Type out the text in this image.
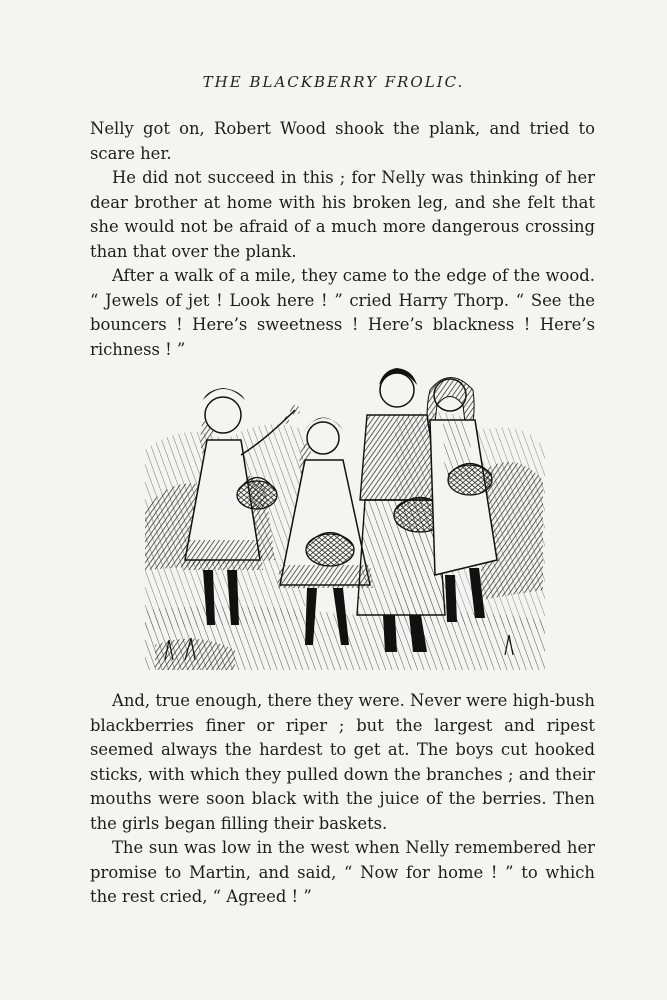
THE BLACKBERRY FROLIC.

Nelly got on, Robert Wood shook the plank, and tried to scare her.

He did not succeed in this ; for Nelly was thinking of her dear brother at home with his broken leg, and she felt that she would not be afraid of a much more dangerous crossing than that over the plank.

After a walk of a mile, they came to the edge of the wood. “ Jewels of jet ! Look here ! ” cried Harry Thorp. “ See the bouncers ! Here’s sweetness ! Here’s blackness ! Here’s richness ! ”

And, true enough, there they were. Never were high-bush blackberries finer or riper ; but the largest and ripest seemed always the hardest to get at. The boys cut hooked sticks, with which they pulled down the branches ; and their mouths were soon black with the juice of the berries. Then the girls began filling their baskets.

The sun was low in the west when Nelly remembered her promise to Martin, and said, “ Now for home ! ” to which the rest cried, “ Agreed ! ”
